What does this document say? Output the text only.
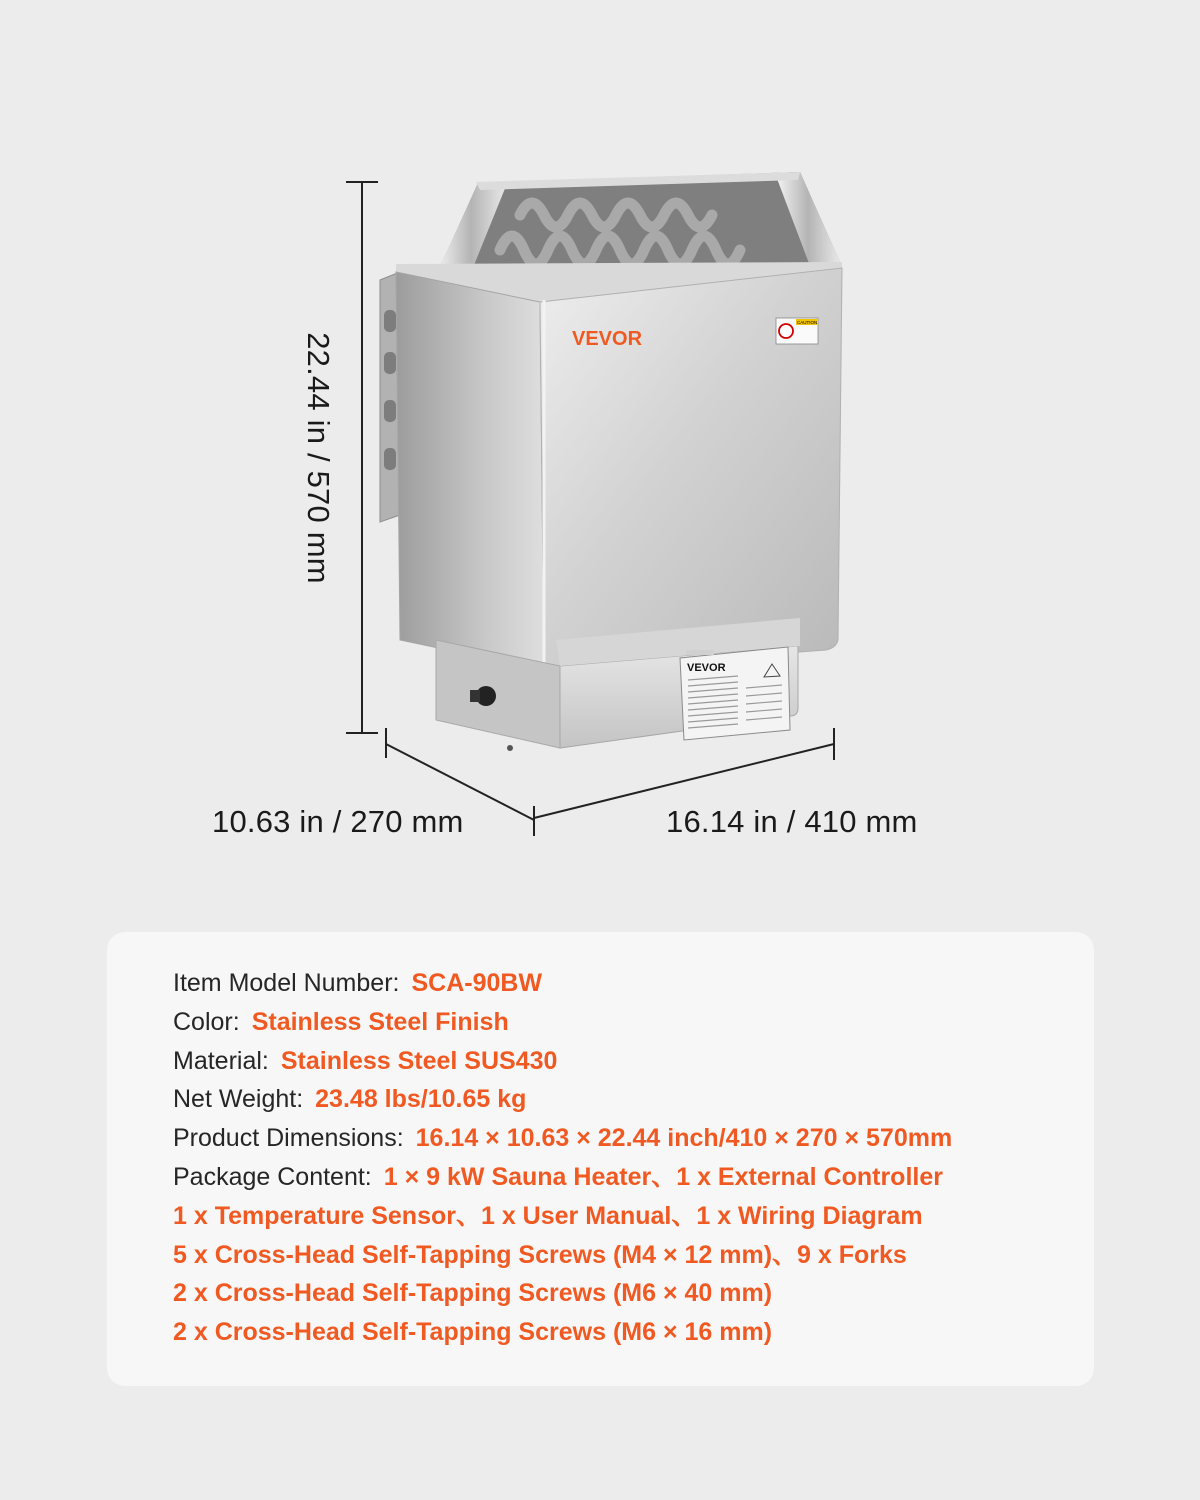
VEVOR
CAUTION
VEVOR
22.44 in / 570 mm
10.63 in / 270 mm	16.14 in / 410 mm
Item Model Number: SCA-90BW
Color: Stainless Steel Finish
Material: Stainless Steel SUS430
Net Weight: 23.48 lbs/10.65 kg
Product Dimensions: 16.14 × 10.63 × 22.44 inch/410 × 270 × 570mm
Package Content: 1 × 9 kW Sauna Heater、1 x External Controller
1 x Temperature Sensor、1 x User Manual、1 x Wiring Diagram
5 x Cross-Head Self-Tapping Screws (M4 × 12 mm)、9 x Forks
2 x Cross-Head Self-Tapping Screws (M6 × 40 mm)
2 x Cross-Head Self-Tapping Screws (M6 × 16 mm)
